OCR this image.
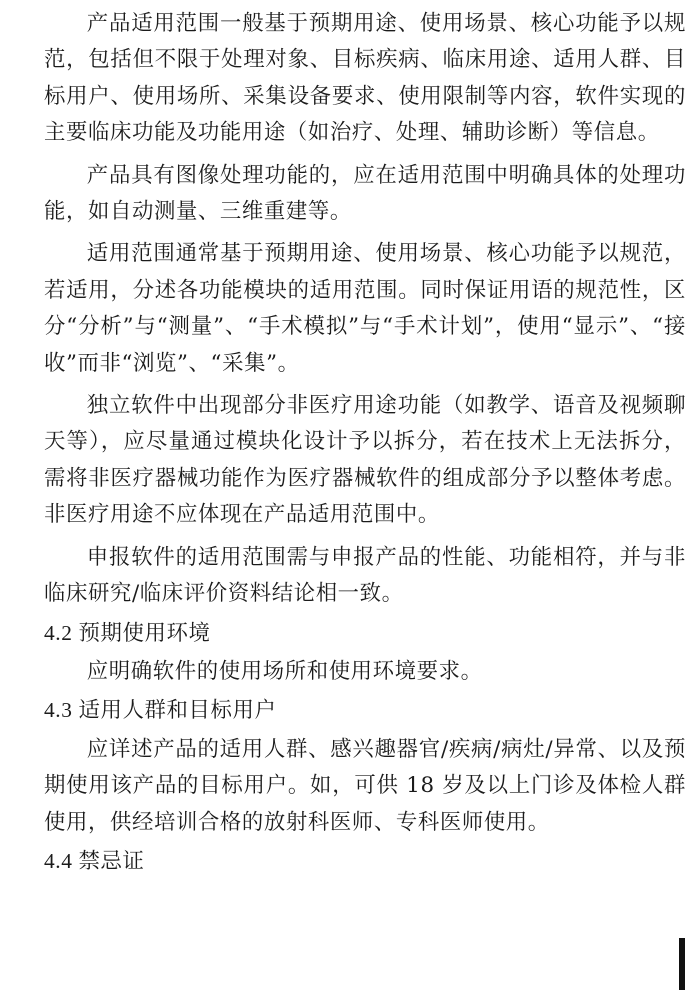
产品适用范围一般基于预期用途、使用场景、核心功能予以规范，包括但不限于处理对象、目标疾病、临床用途、适用人群、目标用户、使用场所、采集设备要求、使用限制等内容，软件实现的主要临床功能及功能用途（如治疗、处理、辅助诊断）等信息。

产品具有图像处理功能的，应在适用范围中明确具体的处理功能，如自动测量、三维重建等。

适用范围通常基于预期用途、使用场景、核心功能予以规范，若适用，分述各功能模块的适用范围。同时保证用语的规范性，区分“分析”与“测量”、“手术模拟”与“手术计划”，使用“显示”、“接收”而非“浏览”、“采集”。

独立软件中出现部分非医疗用途功能（如教学、语音及视频聊天等），应尽量通过模块化设计予以拆分，若在技术上无法拆分，需将非医疗器械功能作为医疗器械软件的组成部分予以整体考虑。非医疗用途不应体现在产品适用范围中。

申报软件的适用范围需与申报产品的性能、功能相符，并与非临床研究/临床评价资料结论相一致。

4.2 预期使用环境

应明确软件的使用场所和使用环境要求。

4.3 适用人群和目标用户

应详述产品的适用人群、感兴趣器官/疾病/病灶/异常、以及预期使用该产品的目标用户。如，可供 18 岁及以上门诊及体检人群使用，供经培训合格的放射科医师、专科医师使用。

4.4 禁忌证
